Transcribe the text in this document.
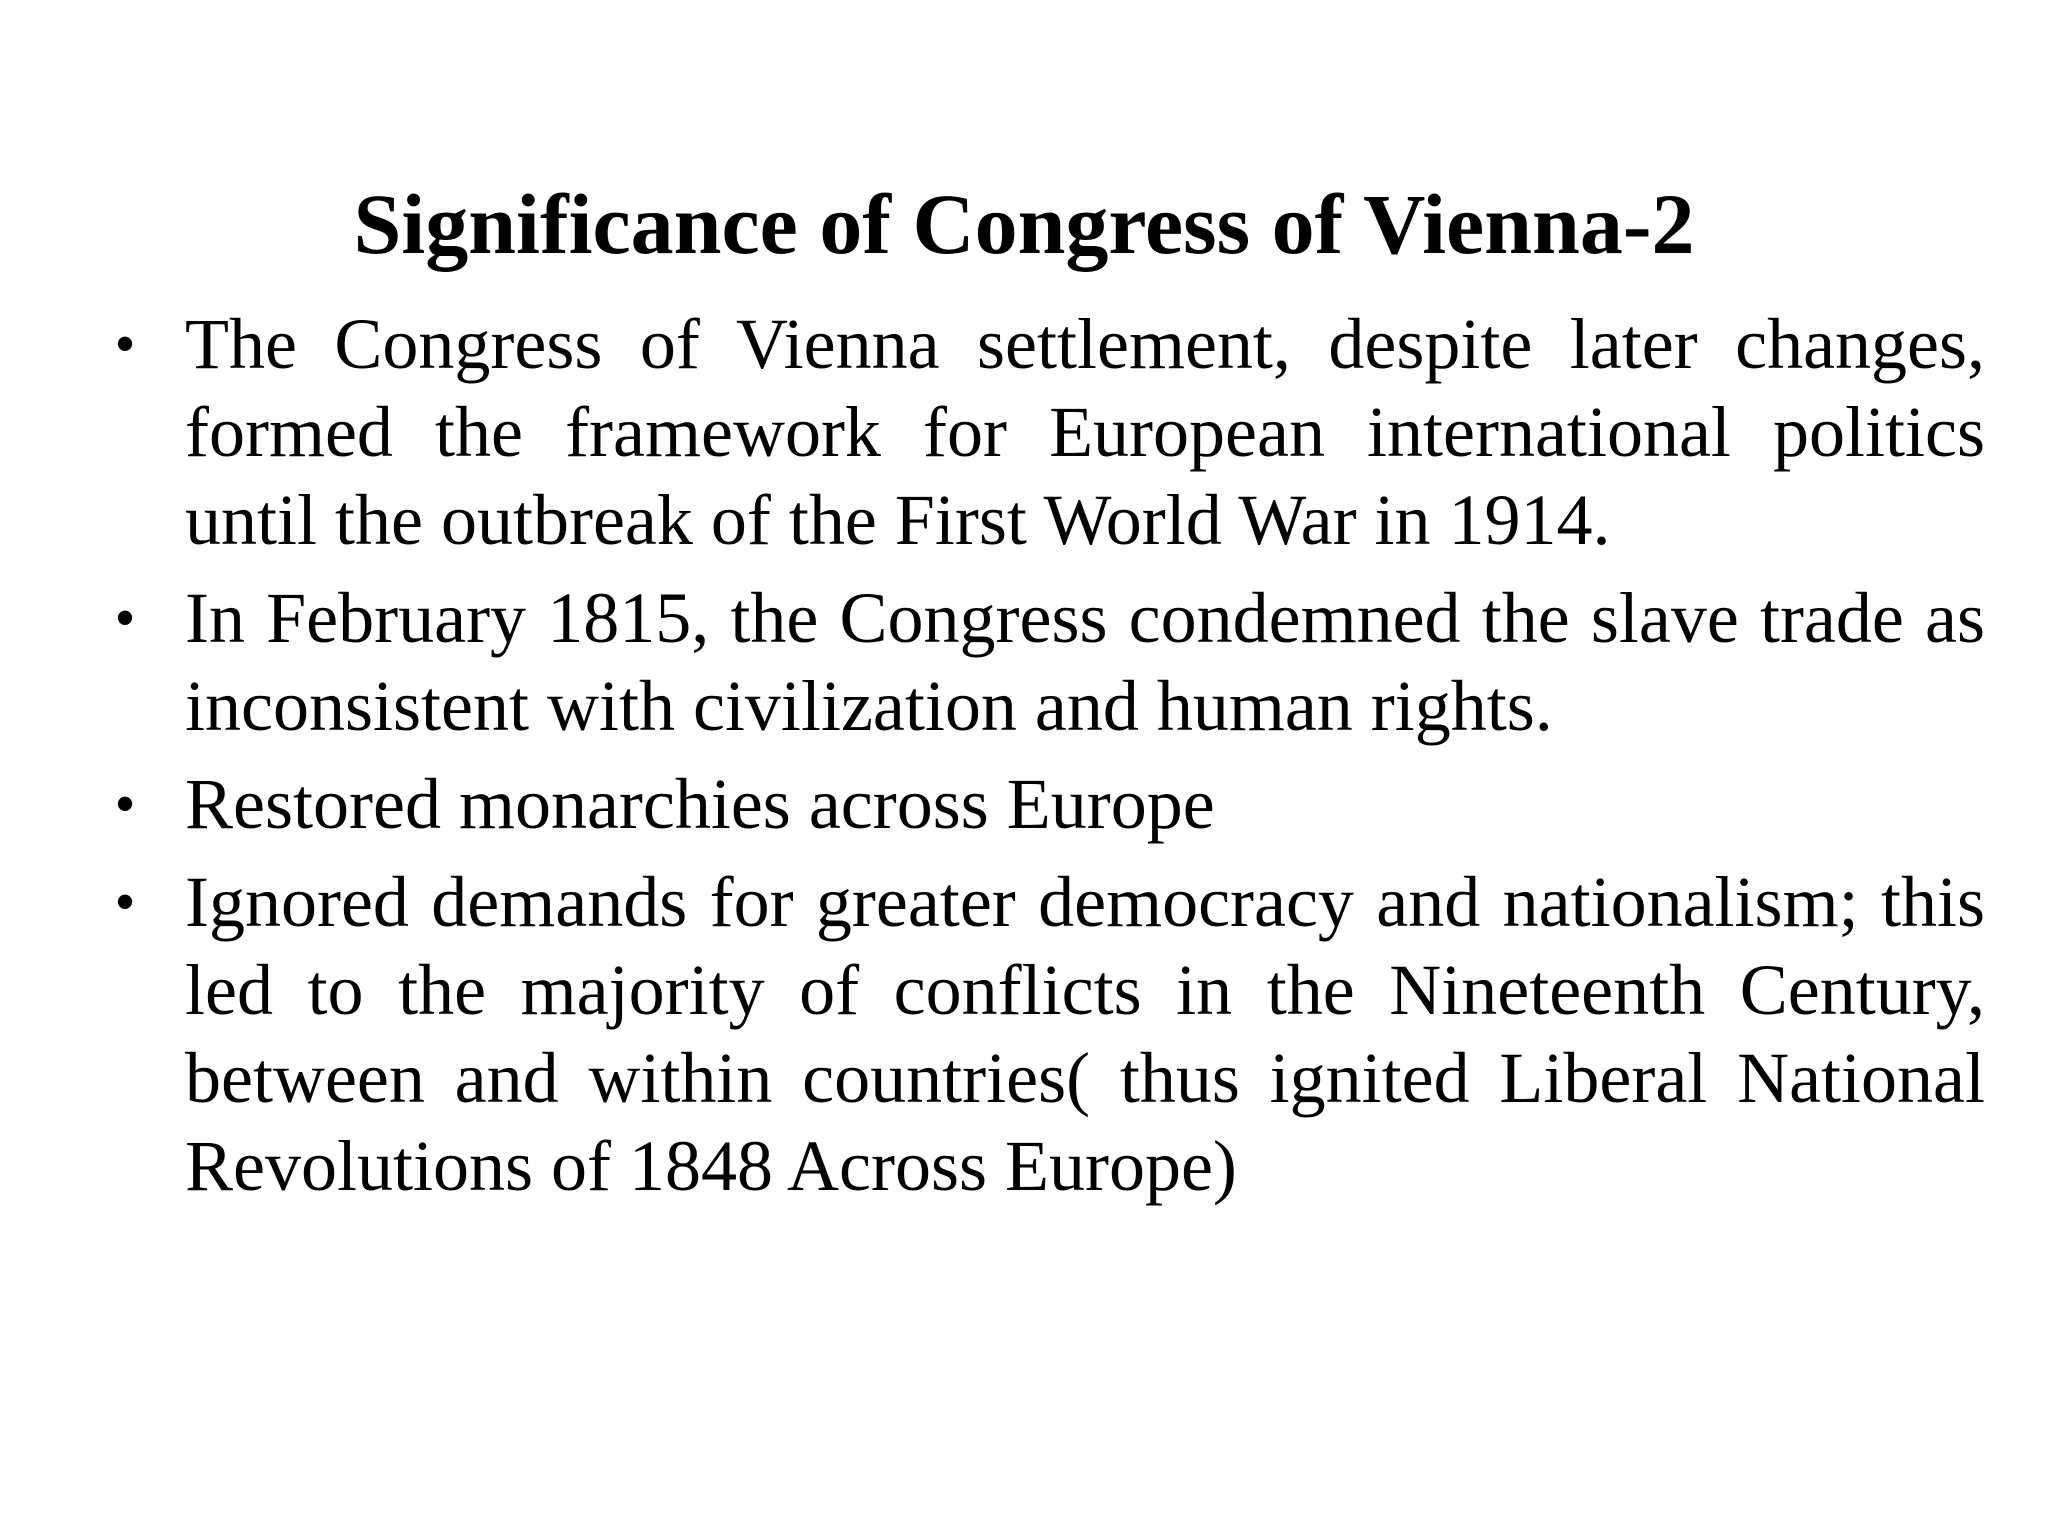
Significance of Congress of Vienna-2
• The Congress of Vienna settlement, despite later changes, formed the framework for European international politics until the outbreak of the First World War in 1914.
• In February 1815, the Congress condemned the slave trade as inconsistent with civilization and human rights.
• Restored monarchies across Europe
• Ignored demands for greater democracy and nationalism; this led to the majority of conflicts in the Nineteenth Century, between and within countries( thus ignited Liberal National Revolutions of 1848 Across Europe)
